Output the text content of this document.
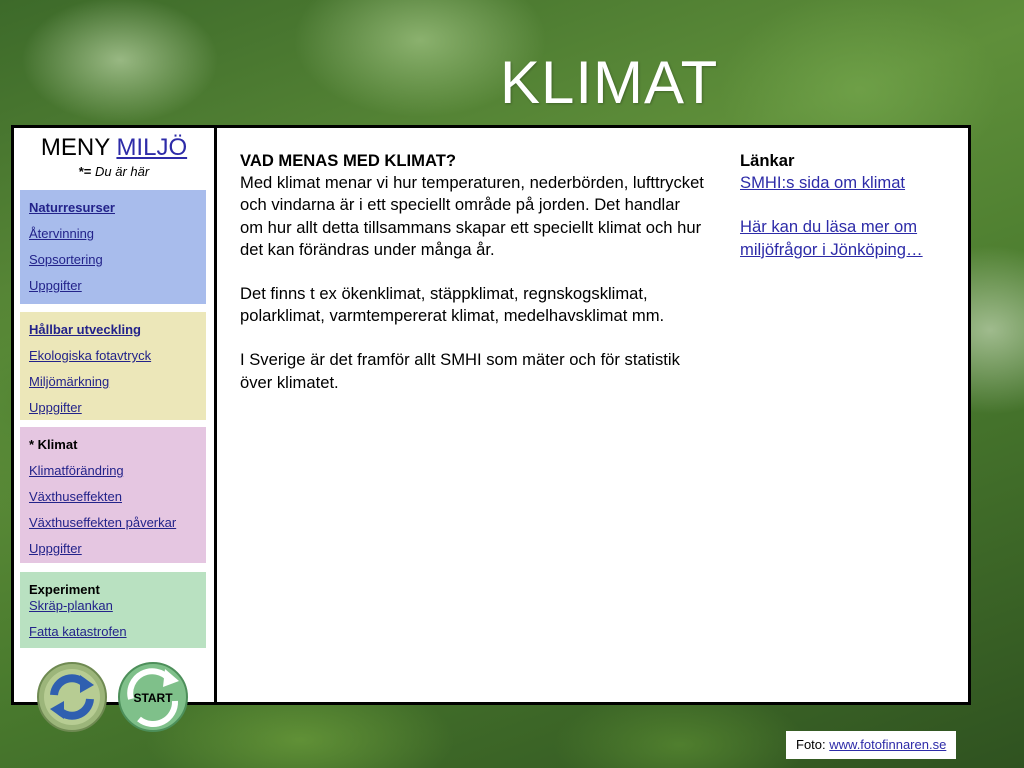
KLIMAT
MENY MILJÖ
*= Du är här
Naturresurser
Återvinning
Sopsortering
Uppgifter
Hållbar utveckling
Ekologiska fotavtryck
Miljömärkning
Uppgifter
* Klimat
Klimatförändring
Växthuseffekten
Växthuseffekten påverkar
Uppgifter
Experiment
Skräp-plankan
Fatta katastrofen
START

VAD MENAS MED KLIMAT?
Med klimat menar vi hur temperaturen, nederbörden, lufttrycket och vindarna är i ett speciellt område på jorden. Det handlar om hur allt detta tillsammans skapar ett speciellt klimat och hur det kan förändras under många år.

Det finns t ex ökenklimat, stäppklimat, regnskogsklimat, polarklimat, varmtempererat klimat, medelhavsklimat mm.

I Sverige är det framför allt SMHI som mäter och för statistik över klimatet.

Länkar
SMHI:s sida om klimat
Här kan du läsa mer om miljöfrågor i Jönköping…
Foto: www.fotofinnaren.se
